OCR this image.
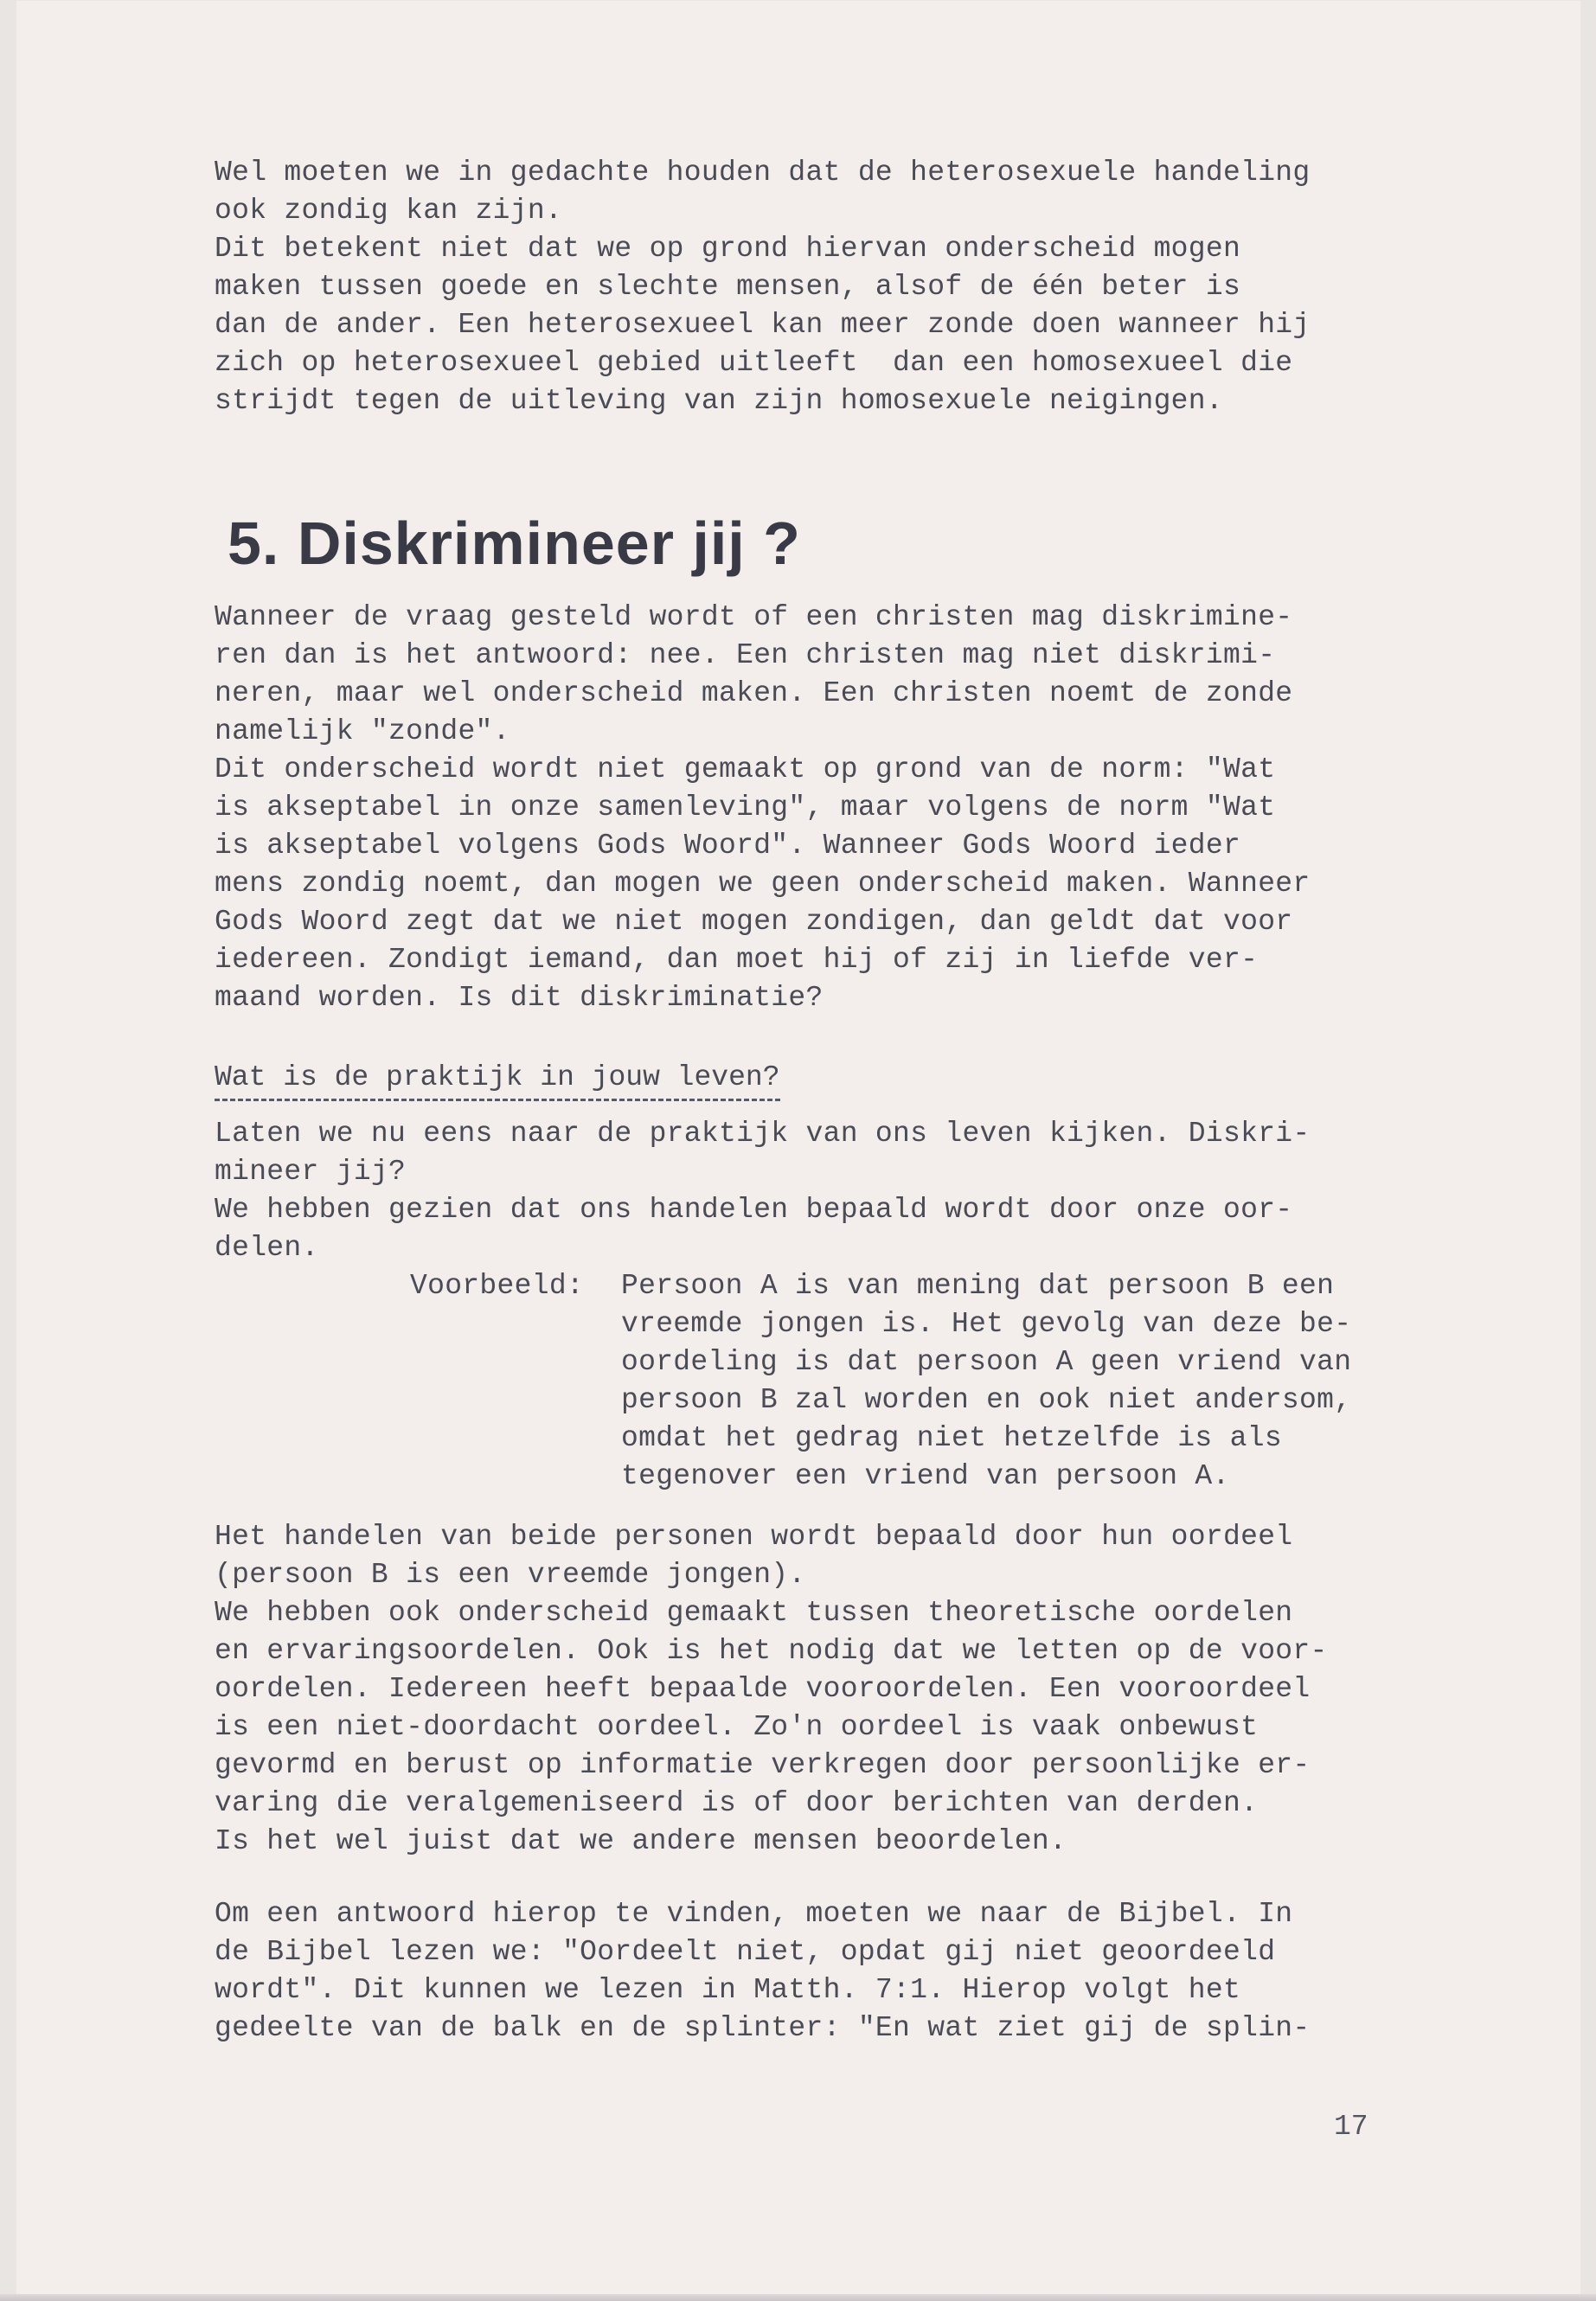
Wel moeten we in gedachte houden dat de heterosexuele handeling
ook zondig kan zijn.
Dit betekent niet dat we op grond hiervan onderscheid mogen
maken tussen goede en slechte mensen, alsof de één beter is
dan de ander. Een heterosexueel kan meer zonde doen wanneer hij
zich op heterosexueel gebied uitleeft  dan een homosexueel die
strijdt tegen de uitleving van zijn homosexuele neigingen.

5. Diskrimineer jij ?

Wanneer de vraag gesteld wordt of een christen mag diskrimine-
ren dan is het antwoord: nee. Een christen mag niet diskrimi-
neren, maar wel onderscheid maken. Een christen noemt de zonde
namelijk "zonde".
Dit onderscheid wordt niet gemaakt op grond van de norm: "Wat
is akseptabel in onze samenleving", maar volgens de norm "Wat
is akseptabel volgens Gods Woord". Wanneer Gods Woord ieder
mens zondig noemt, dan mogen we geen onderscheid maken. Wanneer
Gods Woord zegt dat we niet mogen zondigen, dan geldt dat voor
iedereen. Zondigt iemand, dan moet hij of zij in liefde ver-
maand worden. Is dit diskriminatie?

Wat is de praktijk in jouw leven?

Laten we nu eens naar de praktijk van ons leven kijken. Diskri-
mineer jij?
We hebben gezien dat ons handelen bepaald wordt door onze oor-
delen.

Voorbeeld: Persoon A is van mening dat persoon B een
vreemde jongen is. Het gevolg van deze be-
oordeling is dat persoon A geen vriend van
persoon B zal worden en ook niet andersom,
omdat het gedrag niet hetzelfde is als
tegenover een vriend van persoon A.

Het handelen van beide personen wordt bepaald door hun oordeel
(persoon B is een vreemde jongen).
We hebben ook onderscheid gemaakt tussen theoretische oordelen
en ervaringsoordelen. Ook is het nodig dat we letten op de voor-
oordelen. Iedereen heeft bepaalde vooroordelen. Een vooroordeel
is een niet-doordacht oordeel. Zo'n oordeel is vaak onbewust
gevormd en berust op informatie verkregen door persoonlijke er-
varing die veralgemeniseerd is of door berichten van derden.
Is het wel juist dat we andere mensen beoordelen.

Om een antwoord hierop te vinden, moeten we naar de Bijbel. In
de Bijbel lezen we: "Oordeelt niet, opdat gij niet geoordeeld
wordt". Dit kunnen we lezen in Matth. 7:1. Hierop volgt het
gedeelte van de balk en de splinter: "En wat ziet gij de splin-

17
